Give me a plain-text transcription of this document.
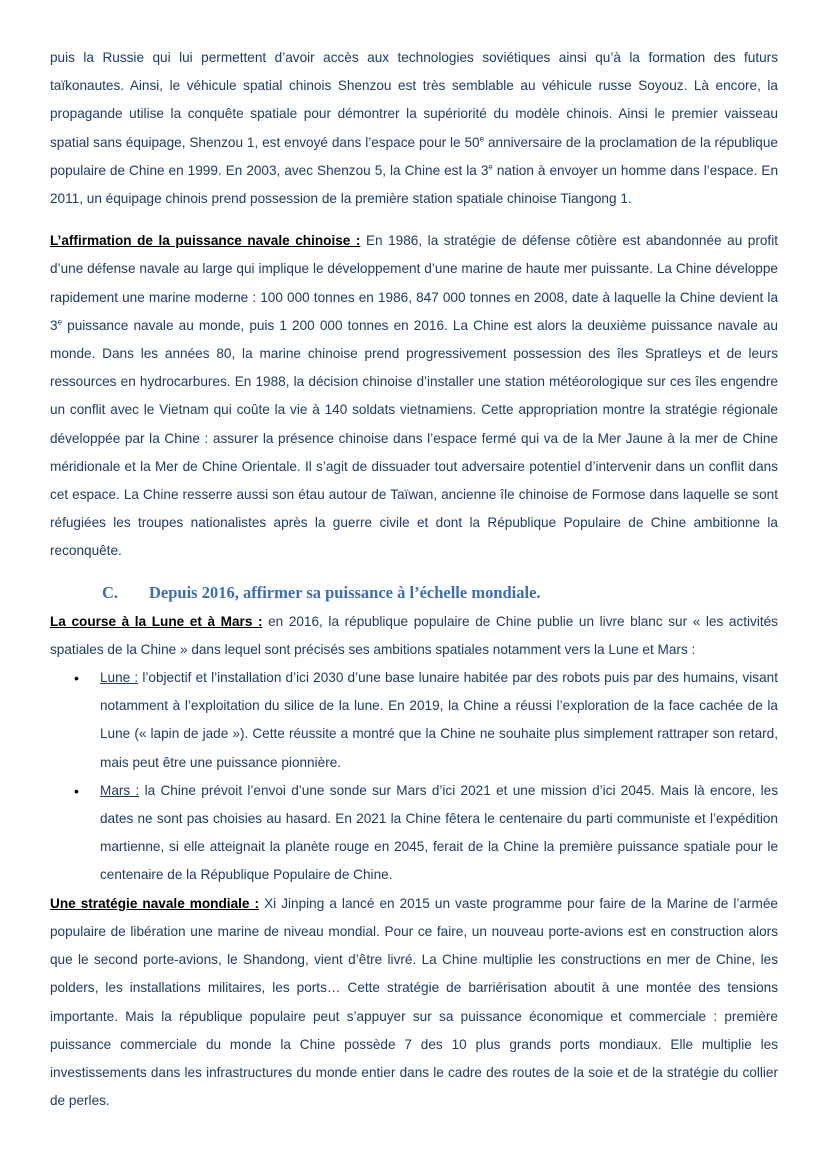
puis la Russie qui lui permettent d’avoir accès aux technologies soviétiques ainsi qu’à la formation des futurs taïkonautes. Ainsi, le véhicule spatial chinois Shenzou est très semblable au véhicule russe Soyouz. Là encore, la propagande utilise la conquête spatiale pour démontrer la supériorité du modèle chinois. Ainsi le premier vaisseau spatial sans équipage, Shenzou 1, est envoyé dans l’espace pour le 50e anniversaire de la proclamation de la république populaire de Chine en 1999. En 2003, avec Shenzou 5, la Chine est la 3e nation à envoyer un homme dans l’espace. En 2011, un équipage chinois prend possession de la première station spatiale chinoise Tiangong 1.

L’affirmation de la puissance navale chinoise : En 1986, la stratégie de défense côtière est abandonnée au profit d’une défense navale au large qui implique le développement d’une marine de haute mer puissante. La Chine développe rapidement une marine moderne : 100 000 tonnes en 1986, 847 000 tonnes en 2008, date à laquelle la Chine devient la 3e puissance navale au monde, puis 1 200 000 tonnes en 2016. La Chine est alors la deuxième puissance navale au monde. Dans les années 80, la marine chinoise prend progressivement possession des îles Spratleys et de leurs ressources en hydrocarbures. En 1988, la décision chinoise d’installer une station météorologique sur ces îles engendre un conflit avec le Vietnam qui coûte la vie à 140 soldats vietnamiens. Cette appropriation montre la stratégie régionale développée par la Chine : assurer la présence chinoise dans l’espace fermé qui va de la Mer Jaune à la mer de Chine méridionale et la Mer de Chine Orientale. Il s’agit de dissuader tout adversaire potentiel d’intervenir dans un conflit dans cet espace. La Chine resserre aussi son étau autour de Taïwan, ancienne île chinoise de Formose dans laquelle se sont réfugiées les troupes nationalistes après la guerre civile et dont la République Populaire de Chine ambitionne la reconquête.

C. Depuis 2016, affirmer sa puissance à l’échelle mondiale.

La course à la Lune et à Mars : en 2016, la république populaire de Chine publie un livre blanc sur « les activités spatiales de la Chine » dans lequel sont précisés ses ambitions spatiales notamment vers la Lune et Mars :

• Lune : l’objectif et l’installation d’ici 2030 d’une base lunaire habitée par des robots puis par des humains, visant notamment à l’exploitation du silice de la lune. En 2019, la Chine a réussi l’exploration de la face cachée de la Lune (« lapin de jade »). Cette réussite a montré que la Chine ne souhaite plus simplement rattraper son retard, mais peut être une puissance pionnière.
• Mars : la Chine prévoit l’envoi d’une sonde sur Mars d’ici 2021 et une mission d’ici 2045. Mais là encore, les dates ne sont pas choisies au hasard. En 2021 la Chine fêtera le centenaire du parti communiste et l’expédition martienne, si elle atteignait la planète rouge en 2045, ferait de la Chine la première puissance spatiale pour le centenaire de la République Populaire de Chine.

Une stratégie navale mondiale : Xi Jinping a lancé en 2015 un vaste programme pour faire de la Marine de l’armée populaire de libération une marine de niveau mondial. Pour ce faire, un nouveau porte-avions est en construction alors que le second porte-avions, le Shandong, vient d’être livré. La Chine multiplie les constructions en mer de Chine, les polders, les installations militaires, les ports… Cette stratégie de barriérisation aboutit à une montée des tensions importante. Mais la république populaire peut s’appuyer sur sa puissance économique et commerciale : première puissance commerciale du monde la Chine possède 7 des 10 plus grands ports mondiaux. Elle multiplie les investissements dans les infrastructures du monde entier dans le cadre des routes de la soie et de la stratégie du collier de perles.
